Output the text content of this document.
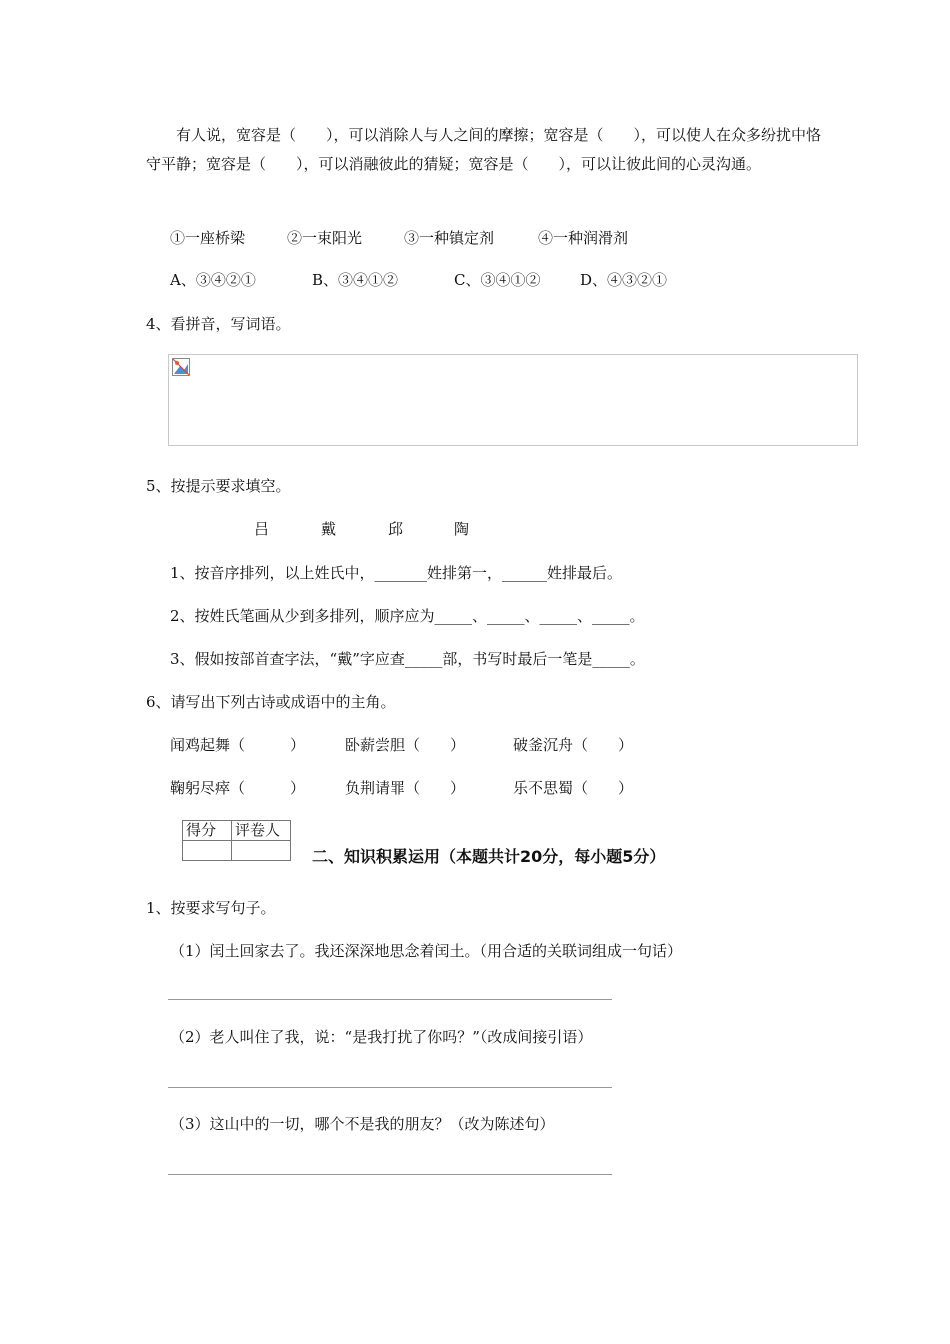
　　有人说，宽容是（　　），可以消除人与人之间的摩擦；宽容是（　　），可以使人在众多纷扰中恪守平静；宽容是（　　），可以消融彼此的猜疑；宽容是（　　），可以让彼此间的心灵沟通。
①一座桥梁	②一束阳光	③一种镇定剂	④一种润滑剂
A、③④②①	B、③④①②	C、③④①②	D、④③②①
4、看拼音，写词语。
5、按提示要求填空。
吕	戴	邱	陶
1、按音序排列，以上姓氏中，_______姓排第一，______姓排最后。
2、按姓氏笔画从少到多排列，顺序应为_____、_____、_____、_____。
3、假如按部首查字法，“戴”字应查_____部，书写时最后一笔是_____。
6、请写出下列古诗或成语中的主角。
闻鸡起舞（　　　）	卧薪尝胆（　　）	破釜沉舟（　　）
鞠躬尽瘁（　　　）	负荆请罪（　　）	乐不思蜀（　　）
得分	评卷人

二、知识积累运用（本题共计20分，每小题5分）
1、按要求写句子。
（1）闰土回家去了。我还深深地思念着闰土。（用合适的关联词组成一句话）
（2）老人叫住了我，说：“是我打扰了你吗？”（改成间接引语）
（3）这山中的一切，哪个不是我的朋友？（改为陈述句）
